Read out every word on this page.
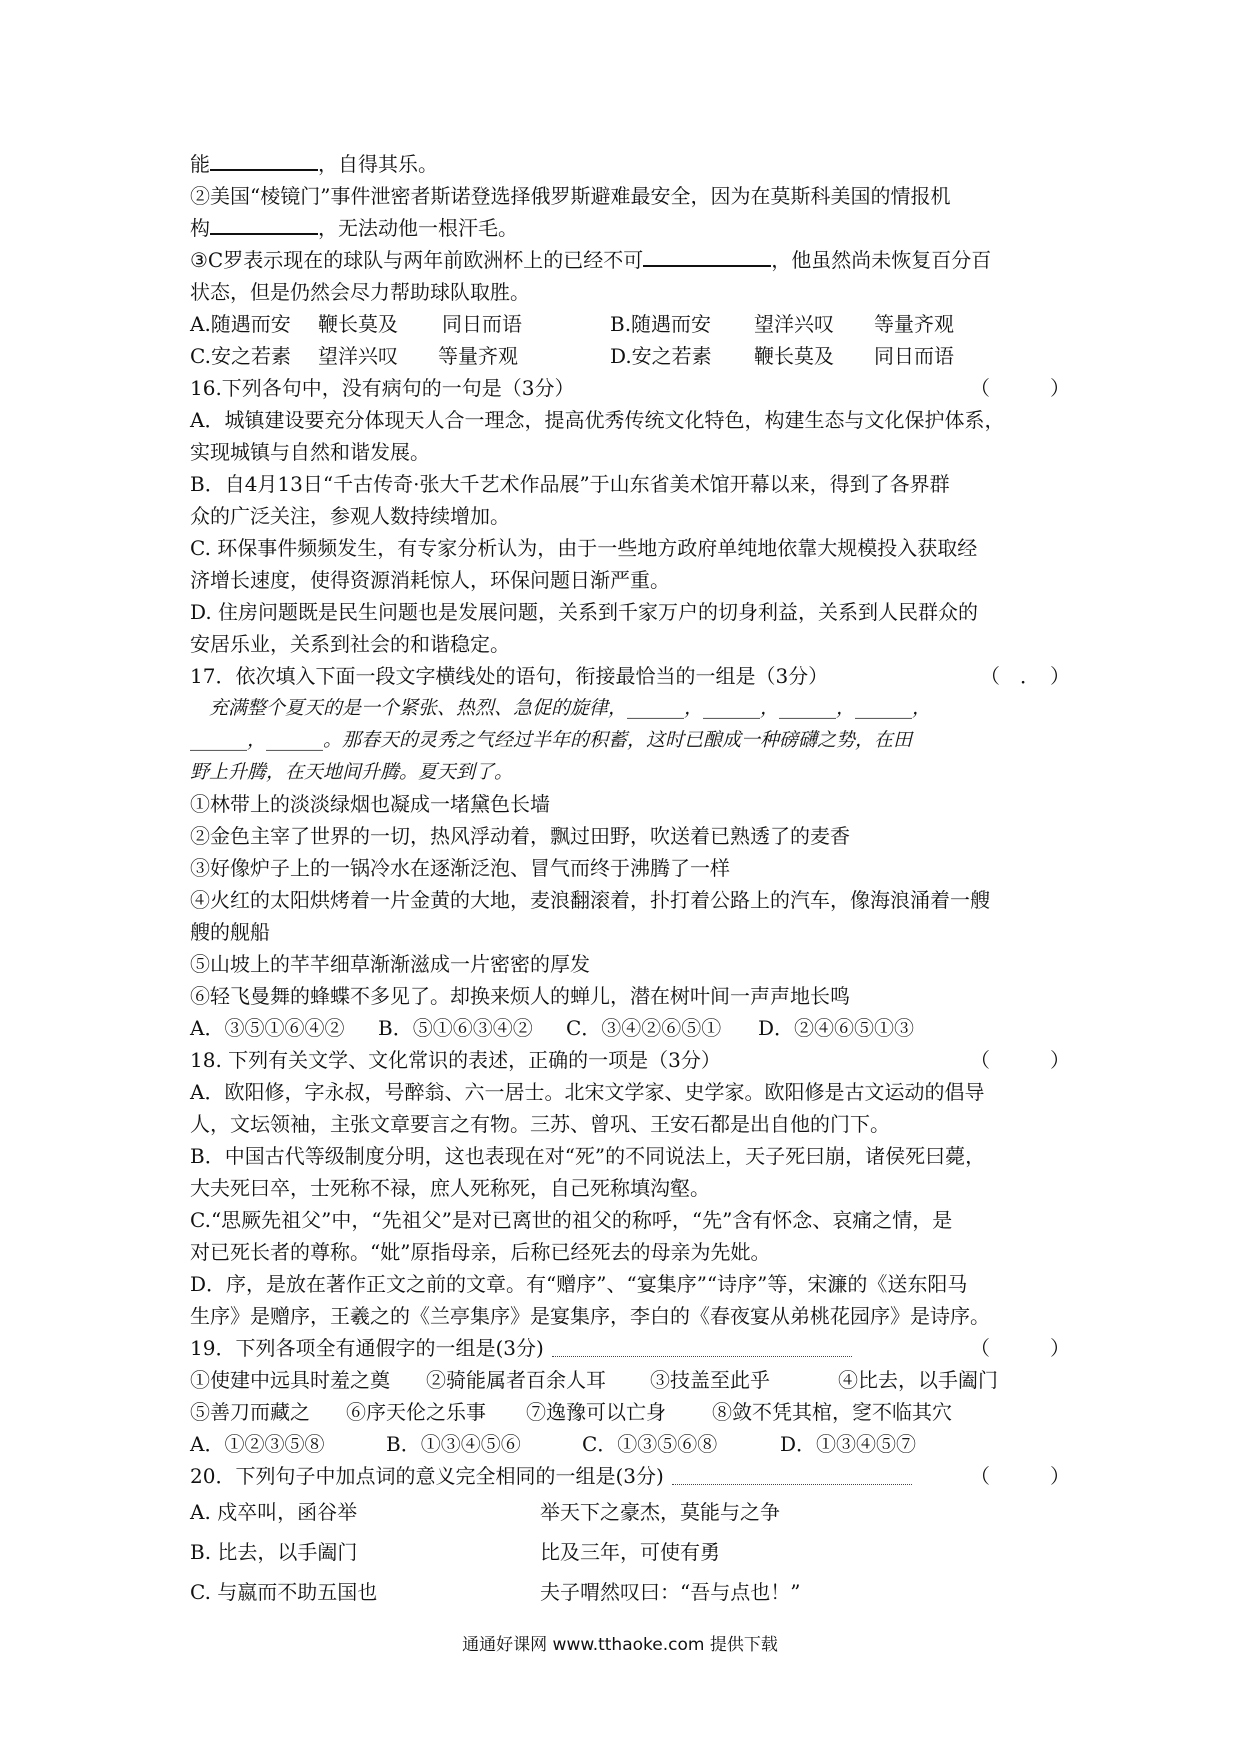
能	，自得其乐。
②美国“棱镜门”事件泄密者斯诺登选择俄罗斯避难最安全，因为在莫斯科美国的情报机
构	，无法动他一根汗毛。
③C罗表示现在的球队与两年前欧洲杯上的已经不可	，他虽然尚未恢复百分百
状态，但是仍然会尽力帮助球队取胜。
A.随遇而安	鞭长莫及	同日而语	B.随遇而安	望洋兴叹	等量齐观
C.安之若素	望洋兴叹	等量齐观	D.安之若素	鞭长莫及	同日而语
16.下列各句中，没有病句的一句是（3分）	（　　　）
A．城镇建设要充分体现天人合一理念，提高优秀传统文化特色，构建生态与文化保护体系，
实现城镇与自然和谐发展。
B．自4月13日“千古传奇·张大千艺术作品展”于山东省美术馆开幕以来，得到了各界群
众的广泛关注，参观人数持续增加。
C. 环保事件频频发生，有专家分析认为，由于一些地方政府单纯地依靠大规模投入获取经
济增长速度，使得资源消耗惊人，环保问题日渐严重。
D. 住房问题既是民生问题也是发展问题，关系到千家万户的切身利益，关系到人民群众的
安居乐业，关系到社会的和谐稳定。
17．依次填入下面一段文字横线处的语句，衔接最恰当的一组是（3分）	（　．　）
　充满整个夏天的是一个紧张、热烈、急促的旋律，______，______，______，______，
______，______。那春天的灵秀之气经过半年的积蓄，这时已酿成一种磅礴之势，在田
野上升腾，在天地间升腾。夏天到了。
①林带上的淡淡绿烟也凝成一堵黛色长墙
②金色主宰了世界的一切，热风浮动着，飘过田野，吹送着已熟透了的麦香
③好像炉子上的一锅冷水在逐渐泛泡、冒气而终于沸腾了一样
④火红的太阳烘烤着一片金黄的大地，麦浪翻滚着，扑打着公路上的汽车，像海浪涌着一艘
艘的舰船
⑤山坡上的芊芊细草渐渐滋成一片密密的厚发
⑥轻飞曼舞的蜂蝶不多见了。却换来烦人的蝉儿，潜在树叶间一声声地长鸣
A．③⑤①⑥④②	B．⑤①⑥③④②	C．③④②⑥⑤①	D．②④⑥⑤①③
18. 下列有关文学、文化常识的表述，正确的一项是（3分）	（　　　）
A．欧阳修，字永叔，号醉翁、六一居士。北宋文学家、史学家。欧阳修是古文运动的倡导
人，文坛领袖，主张文章要言之有物。三苏、曾巩、王安石都是出自他的门下。
B．中国古代等级制度分明，这也表现在对“死”的不同说法上，天子死曰崩，诸侯死曰薨，
大夫死曰卒，士死称不禄，庶人死称死，自己死称填沟壑。
C.“思厥先祖父”中，“先祖父”是对已离世的祖父的称呼，“先”含有怀念、哀痛之情，是
对已死长者的尊称。“妣”原指母亲，后称已经死去的母亲为先妣。
D．序，是放在著作正文之前的文章。有“赠序”、“宴集序”“诗序”等，宋濂的《送东阳马
生序》是赠序，王羲之的《兰亭集序》是宴集序，李白的《春夜宴从弟桃花园序》是诗序。
19．下列各项全有通假字的一组是(3分)	（　　　）
①使建中远具时羞之奠	②骑能属者百余人耳	③技盖至此乎	④比去，以手阖门
⑤善刀而藏之	⑥序天伦之乐事	⑦逸豫可以亡身	⑧敛不凭其棺，窆不临其穴
A．①②③⑤⑧	B．①③④⑤⑥	C．①③⑤⑥⑧	D．①③④⑤⑦
20．下列句子中加点词的意义完全相同的一组是(3分)	（　　　）
A. 戍卒叫，函谷举	举天下之豪杰，莫能与之争
B. 比去，以手阖门	比及三年，可使有勇
C. 与嬴而不助五国也	夫子喟然叹曰：“吾与点也！”
通通好课网 www.tthaoke.com 提供下载
